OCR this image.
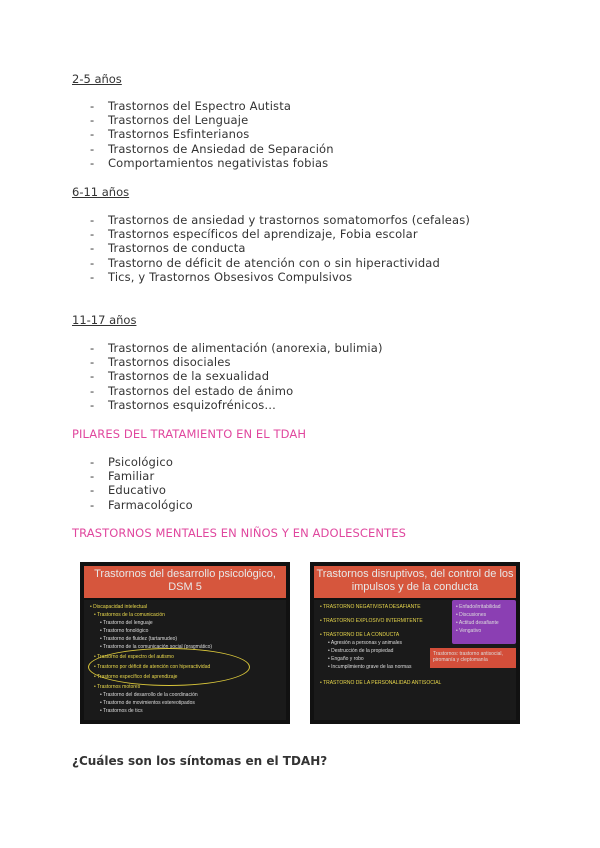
2-5 años
- Trastornos del Espectro Autista
- Trastornos del Lenguaje
- Trastornos Esfinterianos
- Trastornos de Ansiedad de Separación
- Comportamientos negativistas fobias
6-11 años
- Trastornos de ansiedad y trastornos somatomorfos (cefaleas)
- Trastornos específicos del aprendizaje, Fobia escolar
- Trastornos de conducta
- Trastorno de déficit de atención con o sin hiperactividad
- Tics, y Trastornos Obsesivos Compulsivos
11-17 años
- Trastornos de alimentación (anorexia, bulimia)
- Trastornos disociales
- Trastornos de la sexualidad
- Trastornos del estado de ánimo
- Trastornos esquizofrénicos…
PILARES DEL TRATAMIENTO EN EL TDAH
- Psicológico
- Familiar
- Educativo
- Farmacológico
TRASTORNOS MENTALES EN NIÑOS Y EN ADOLESCENTES
Trastornos del desarrollo psicológico, DSM 5
• Discapacidad intelectual
• Trastornos de la comunicación
• Trastorno del lenguaje
• Trastorno fonológico
• Trastorno de fluidez (tartamudeo)
• Trastorno de la comunicación social (pragmático)
• Trastorno del espectro del autismo
• Trastorno por déficit de atención con hiperactividad
• Trastorno específico del aprendizaje
• Trastornos motores
• Trastorno del desarrollo de la coordinación
• Trastorno de movimientos estereotipados
• Trastornos de tics
Trastornos disruptivos, del control de los impulsos y de la conducta
• TRASTORNO NEGATIVISTA DESAFIANTE
• TRASTORNO EXPLOSIVO INTERMITENTE
• TRASTORNO DE LA CONDUCTA
• Agresión a personas y animales
• Destrucción de la propiedad
• Engaño y robo
• Incumplimiento grave de las normas
• TRASTORNO DE LA PERSONALIDAD ANTISOCIAL
• Enfado/irritabilidad
• Discusiones
• Actitud desafiante
• Vengativo
Trastornos: trastorno antisocial, piromanía y cleptomanía
¿Cuáles son los síntomas en el TDAH?
